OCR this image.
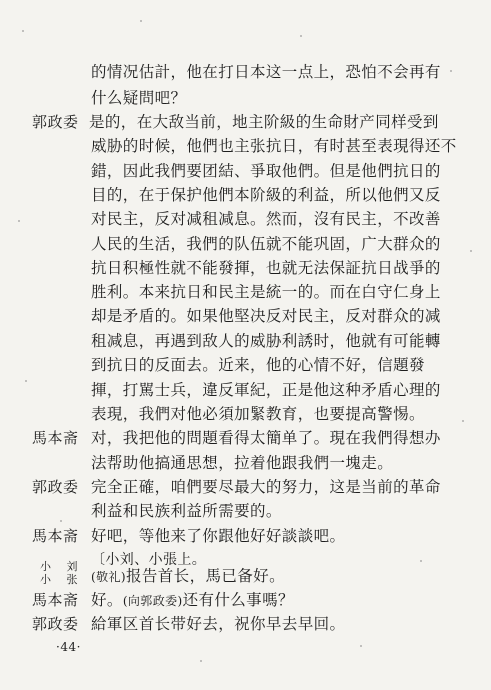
的情况估計，他在打日本这一点上，恐怕不会再有
什么疑問吧？
郭政委 是的，在大敌当前，地主阶級的生命財产同样受到
威胁的时候，他們也主张抗日，有时甚至表現得还不
錯，因此我們要团結、爭取他們。但是他們抗日的
目的，在于保护他們本阶級的利益，所以他們又反
对民主，反对减租减息。然而，沒有民主，不改善
人民的生活，我們的队伍就不能巩固，广大群众的
抗日积極性就不能發揮，也就无法保証抗日战爭的
胜利。本来抗日和民主是統一的。而在白守仁身上
却是矛盾的。如果他堅决反对民主，反对群众的减
租减息，再遇到敌人的威胁利誘时，他就有可能轉
到抗日的反面去。近来，他的心情不好，信題發
揮，打駡士兵，違反軍紀，正是他这种矛盾心理的
表現，我們对他必須加緊教育，也要提高警惕。
馬本斋 对，我把他的問題看得太簡单了。現在我們得想办
法帮助他搞通思想，拉着他跟我們一塊走。
郭政委 完全正確，咱們要尽最大的努力，这是当前的革命
利益和民族利益所需要的。
馬本斋 好吧，等他来了你跟他好好談談吧。
〔小刘、小張上。
小 刘
小 张 (敬礼)报告首长，馬已备好。
馬本斋 好。(向郭政委)还有什么事嗎？
郭政委 給軍区首长带好去，祝你早去早回。
·44·
